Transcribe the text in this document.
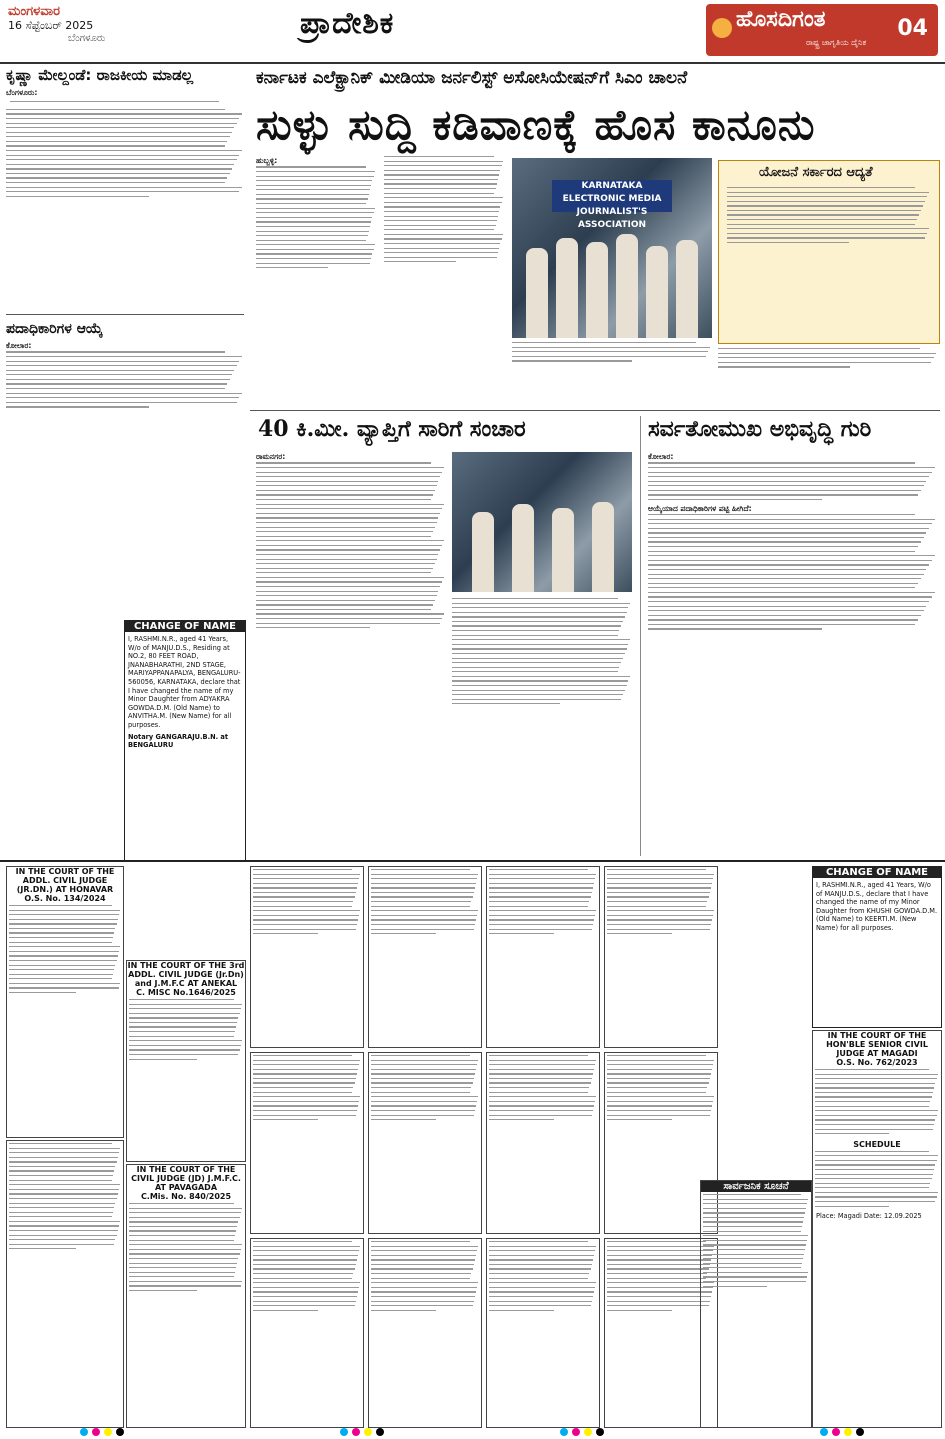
ಮಂಗಳವಾರ
16 ಸೆಪ್ಟೆಂಬರ್ 2025
ಬೆಂಗಳೂರು	ಪ್ರಾದೇಶಿಕ	ಹೊಸದಿಗಂತ
ರಾಷ್ಟ್ರ ಜಾಗೃತಿಯ ದೈನಿಕ
04
ಕೃಷ್ಣಾ ಮೇಲ್ದಂಡೆ: ರಾಜಕೀಯ ಮಾಡಲ್ಲ
ಬೆಂಗಳೂರು:
ಪದಾಧಿಕಾರಿಗಳ ಆಯ್ಕೆ
ಕೋಲಾರ:
CHANGE OF NAME
I, RASHMI.N.R., aged 41 Years, W/o of MANJU.D.S., Residing at NO.2, 80 FEET ROAD, JNANABHARATHI, 2ND STAGE, MARIYAPPANAPALYA, BENGALURU-560056, KARNATAKA, declare that I have changed the name of my Minor Daughter from ADYAKRA GOWDA.D.M. (Old Name) to ANVITHA.M. (New Name) for all purposes.
Notary GANGARAJU.B.N. at BENGALURU
ಕರ್ನಾಟಕ ಎಲೆಕ್ಟ್ರಾನಿಕ್ ಮೀಡಿಯಾ ಜರ್ನಲಿಸ್ಟ್ ಅಸೋಸಿಯೇಷನ್‌ಗೆ ಸಿಎಂ ಚಾಲನೆ
ಸುಳ್ಳು ಸುದ್ದಿ ಕಡಿವಾಣಕ್ಕೆ ಹೊಸ ಕಾನೂನು
ಹುಬ್ಬಳ್ಳಿ:
KARNATAKA ELECTRONIC MEDIA JOURNALIST'S ASSOCIATION
ಯೋಜನೆ ಸರ್ಕಾರದ ಆದ್ಯತೆ
40 ಕಿ.ಮೀ. ವ್ಯಾಪ್ತಿಗೆ ಸಾರಿಗೆ ಸಂಚಾರ
ರಾಮನಗರ:
ಸರ್ವತೋಮುಖ ಅಭಿವೃದ್ಧಿ ಗುರಿ
ಕೋಲಾರ:
ಆಯ್ಕೆಯಾದ ಪದಾಧಿಕಾರಿಗಳ ಪಟ್ಟಿ ಹೀಗಿದೆ:
IN THE COURT OF THE ADDL. CIVIL JUDGE (JR.DN.) AT HONAVAR
O.S. No. 134/2024
IN THE COURT OF THE 3rd ADDL. CIVIL JUDGE (Jr.Dn) and J.M.F.C AT ANEKAL
C. MISC No.1646/2025
IN THE COURT OF THE CIVIL JUDGE (JD) J.M.F.C. AT PAVAGADA
C.Mis. No. 840/2025
ಸಾರ್ವಜನಿಕ ಸೂಚನೆ
CHANGE OF NAME
I, RASHMI.N.R., aged 41 Years, W/o of MANJU.D.S., declare that I have changed the name of my Minor Daughter from KHUSHI GOWDA.D.M. (Old Name) to KEERTI.M. (New Name) for all purposes.
IN THE COURT OF THE HON'BLE SENIOR CIVIL JUDGE AT MAGADI
O.S. No. 762/2023
SCHEDULE
Place: Magadi Date: 12.09.2025
